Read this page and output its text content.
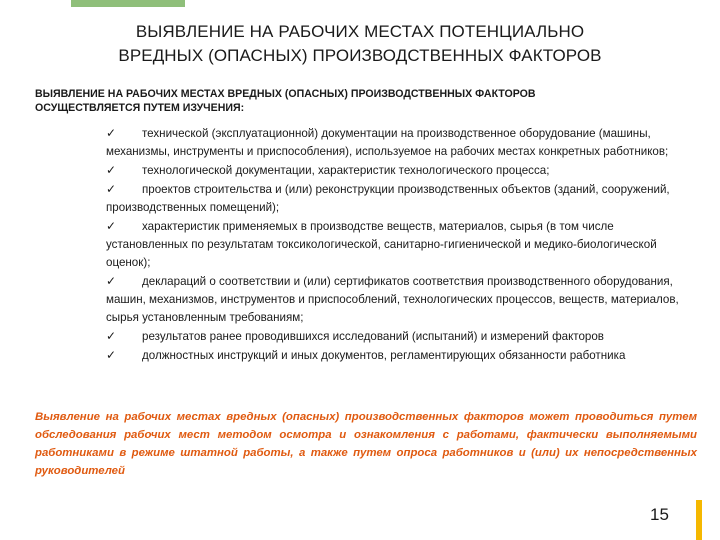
ВЫЯВЛЕНИЕ НА РАБОЧИХ МЕСТАХ ПОТЕНЦИАЛЬНО
ВРЕДНЫХ (ОПАСНЫХ) ПРОИЗВОДСТВЕННЫХ ФАКТОРОВ
ВЫЯВЛЕНИЕ НА РАБОЧИХ МЕСТАХ ВРЕДНЫХ (ОПАСНЫХ) ПРОИЗВОДСТВЕННЫХ ФАКТОРОВ
ОСУЩЕСТВЛЯЕТСЯ ПУТЕМ ИЗУЧЕНИЯ:
✓ технической (эксплуатационной) документации на производственное оборудование (машины, механизмы, инструменты и приспособления), используемое на рабочих местах конкретных работников;
✓ технологической документации, характеристик технологического процесса;
✓ проектов строительства и (или) реконструкции производственных объектов (зданий, сооружений, производственных помещений);
✓ характеристик применяемых в производстве веществ, материалов, сырья (в том числе установленных по результатам токсикологической, санитарно-гигиенической и медико-биологической оценок);
✓ деклараций о соответствии и (или) сертификатов соответствия производственного оборудования, машин, механизмов, инструментов и приспособлений, технологических процессов, веществ, материалов, сырья установленным требованиям;
✓ результатов ранее проводившихся исследований (испытаний) и измерений факторов
✓ должностных инструкций и иных документов, регламентирующих обязанности работника
Выявление на рабочих местах вредных (опасных) производственных факторов может проводиться путем обследования рабочих мест методом осмотра и ознакомления с работами, фактически выполняемыми работниками в режиме штатной работы, а также путем опроса работников и (или) их непосредственных руководителей
15
